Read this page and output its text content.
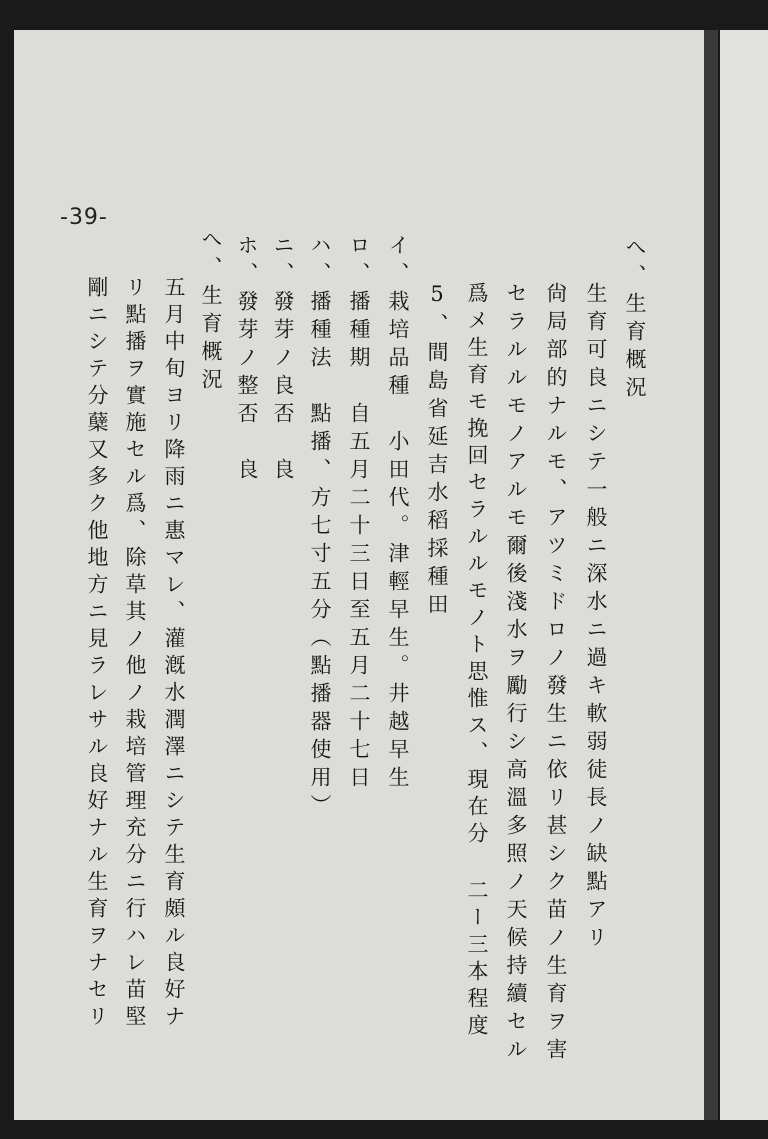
-39-
へ、生育概況
生育可良ニシテ一般ニ深水ニ過キ軟弱徒長ノ缺點アリ
尙局部的ナルモ、アツミドロノ發生ニ依リ甚シク苗ノ生育ヲ害
セラルルモノアルモ爾後淺水ヲ勵行シ高溫多照ノ天候持續セル
爲メ生育モ挽回セラルルモノト思惟ス、現在分 二ー三本程度
5、間島省延吉水稻採種田
イ、栽培品種　小田代。津輕早生。井越早生
ロ、播種期　自五月二十三日至五月二十七日
ハ、播種法　點播、方七寸五分（點播器使用）
ニ、發芽ノ良否　良
ホ、發芽ノ整否　良
へ、生育概況
五月中旬ヨリ降雨ニ惠マレ、灌漑水潤澤ニシテ生育頗ル良好ナ
リ點播ヲ實施セル爲、除草其ノ他ノ栽培管理充分ニ行ハレ苗堅
剛ニシテ分蘖又多ク他地方ニ見ラレサル良好ナル生育ヲナセリ
